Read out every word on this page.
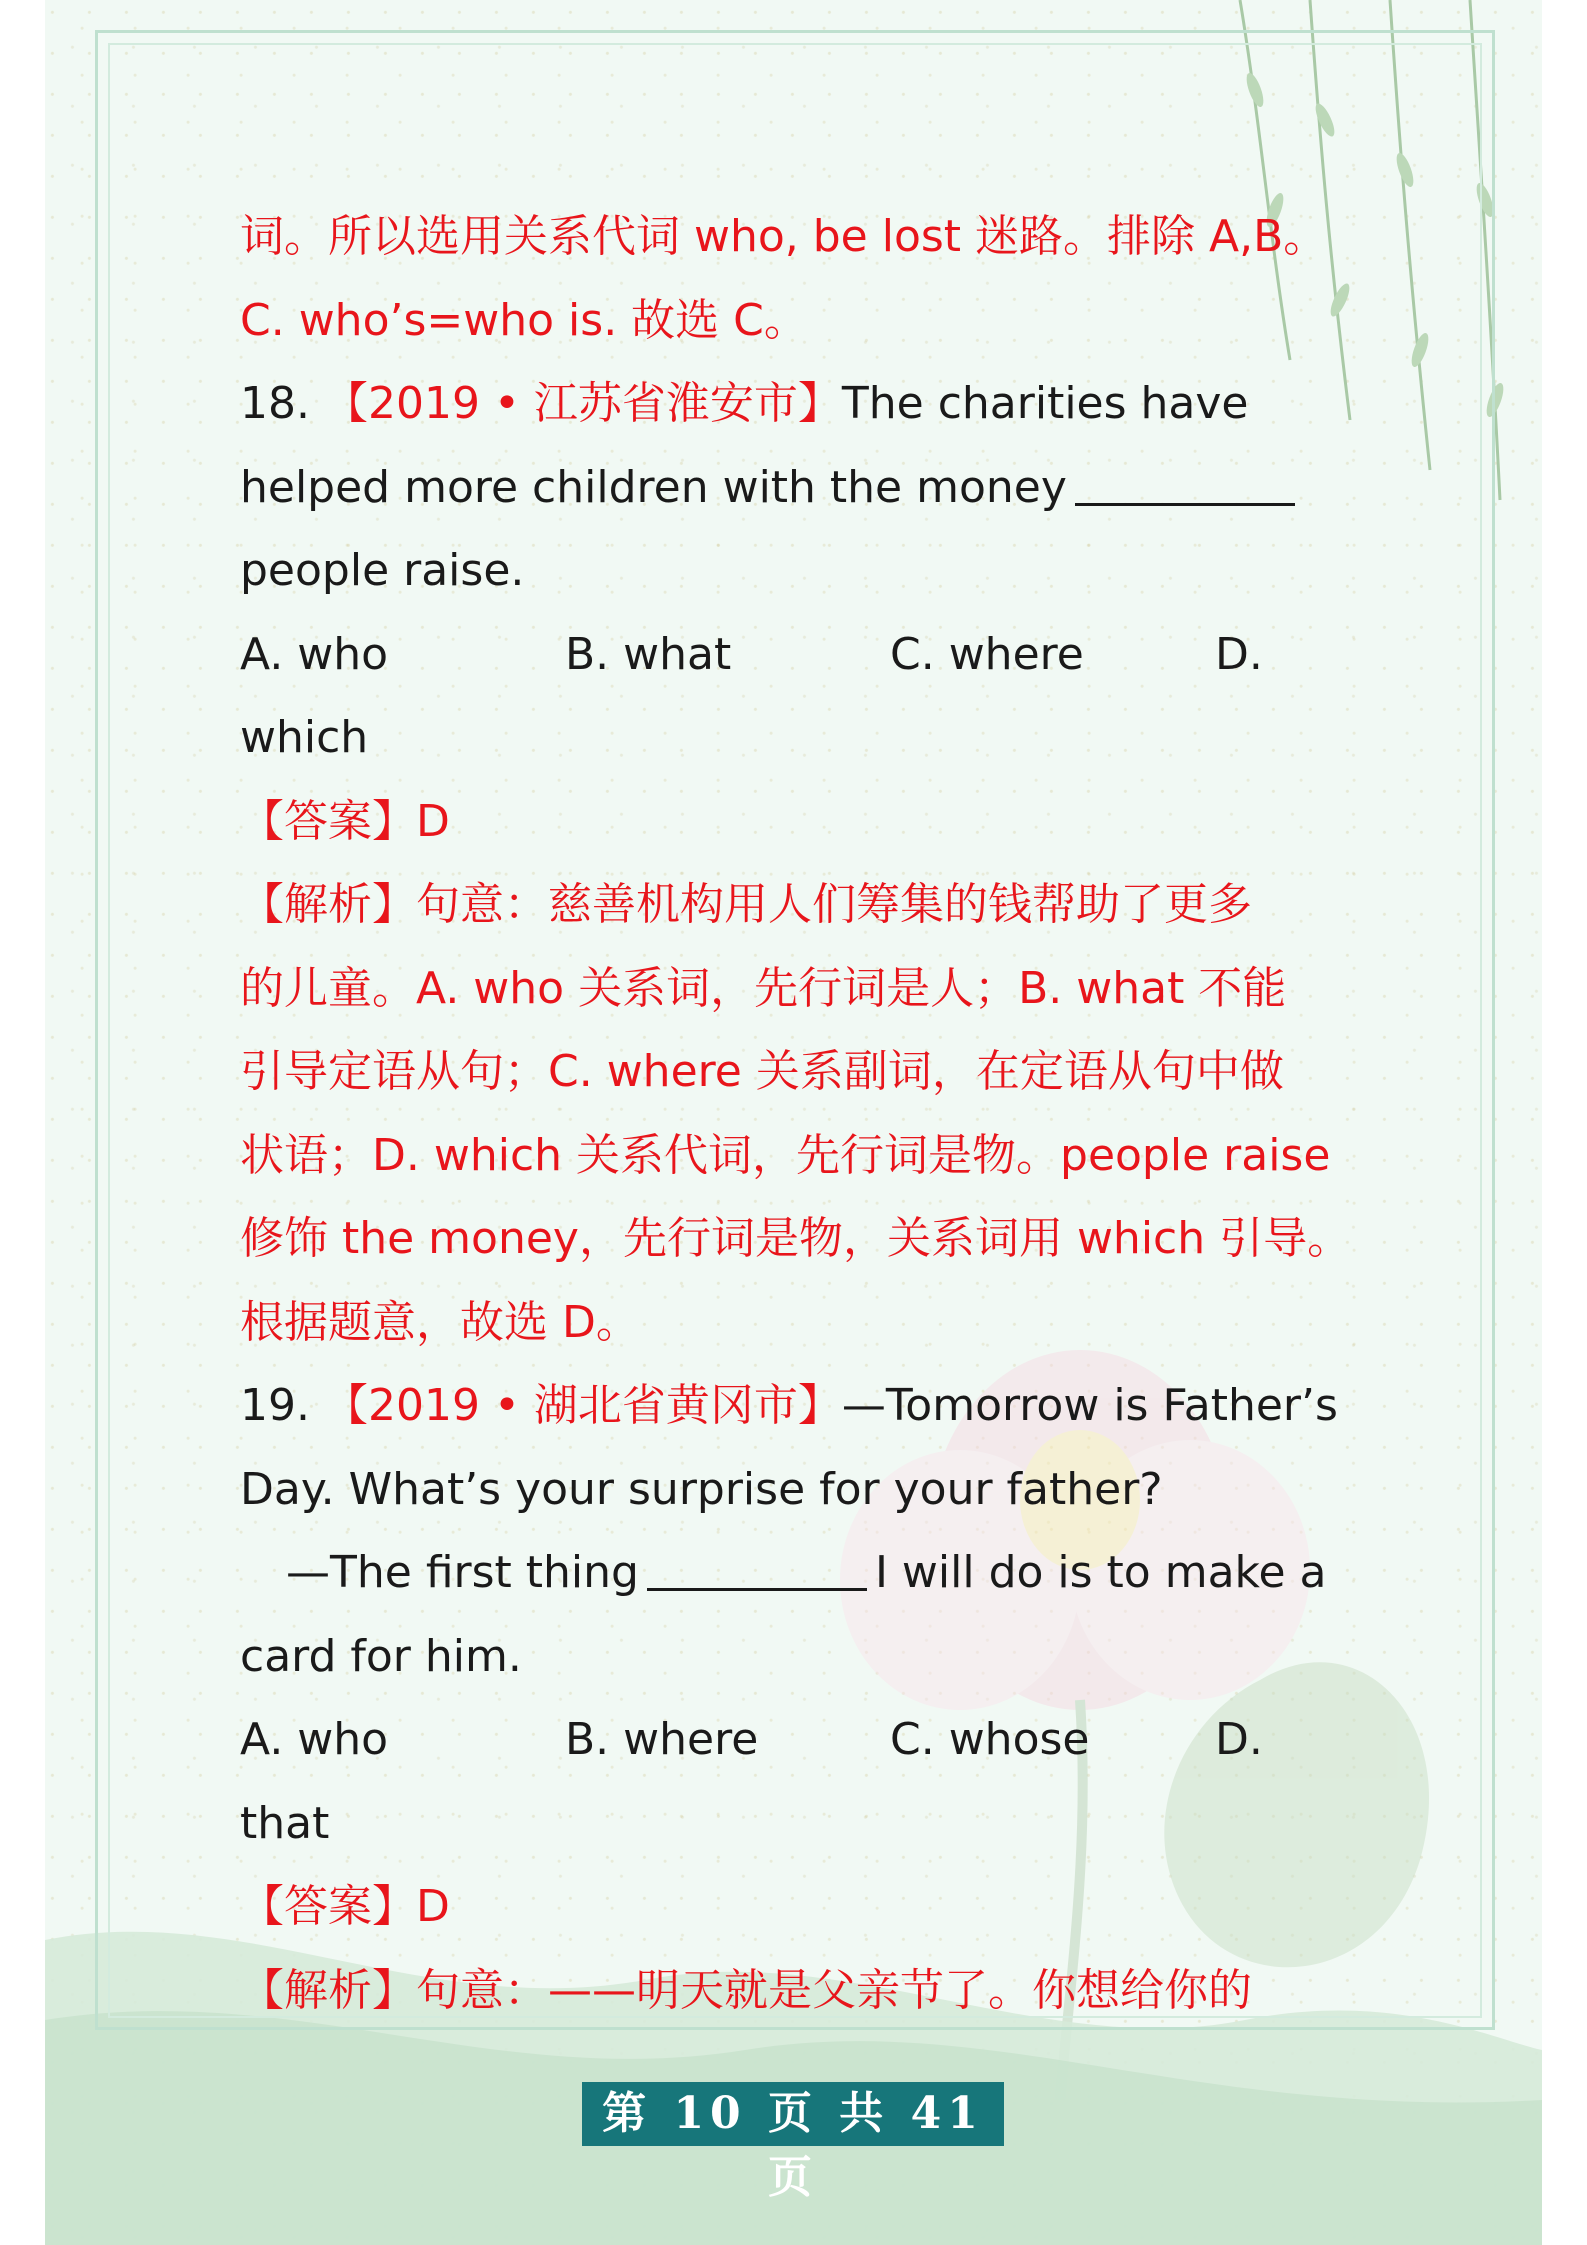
词。所以选用关系代词 who, be lost 迷路。排除 A,B。
C. who’s=who is. 故选 C。
18. 【2019 • 江苏省淮安市】The charities have
helped more children with the money
people raise.
A. who	B. what	C. where	D.
which
【答案】D
【解析】句意：慈善机构用人们筹集的钱帮助了更多
的儿童。A. who 关系词，先行词是人；B. what 不能
引导定语从句；C. where 关系副词，在定语从句中做
状语；D. which 关系代词，先行词是物。people raise
修饰 the money，先行词是物，关系词用 which 引导。
根据题意，故选 D。
19. 【2019 • 湖北省黄冈市】—Tomorrow is Father’s
Day. What’s your surprise for your father?
—The first thing	I will do is to make a
card for him.
A. who	B. where	C. whose	D.
that
【答案】D
【解析】句意：——明天就是父亲节了。你想给你的
第 10 页 共 41 页
